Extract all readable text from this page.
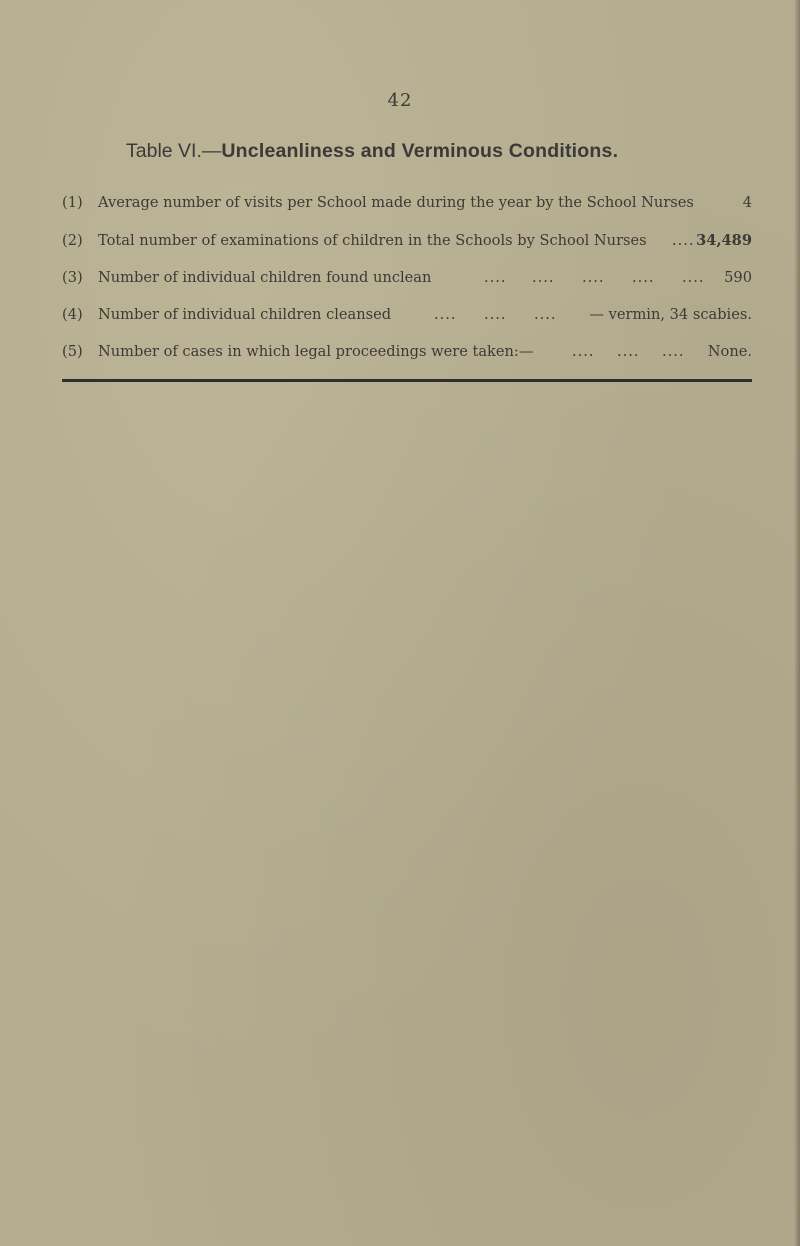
42
Table VI.—Uncleanliness and Verminous Conditions.
(1) Average number of visits per School made during the year by the School Nurses	4
(2) Total number of examinations of children in the Schools by School Nurses .... 34,489
(3) Number of individual children found unclean	.... .... .... .... .... 590
(4) Number of individual children cleansed	.... .... .... — vermin, 34 scabies.
(5) Number of cases in which legal proceedings were taken:—	.... .... .... None.
